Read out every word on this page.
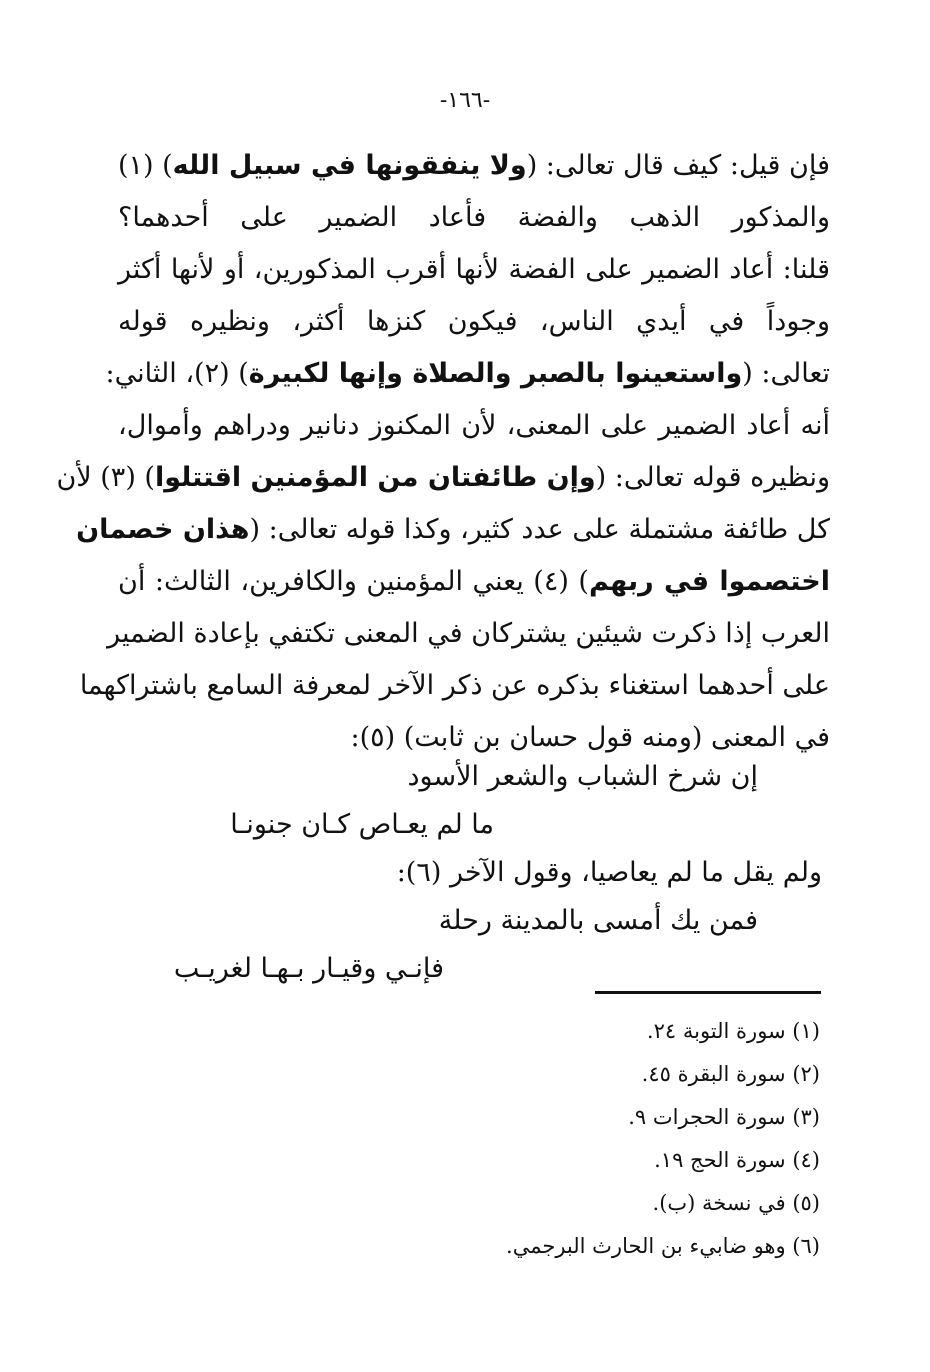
-١٦٦-
فإن قيل: كيف قال تعالى: (ولا ينفقونها في سبيل الله) (١)
والمذكور الذهب والفضة فأعاد الضمير على أحدهما؟
قلنا: أعاد الضمير على الفضة لأنها أقرب المذكورين، أو لأنها أكثر
وجوداً في أيدي الناس، فيكون كنزها أكثر، ونظيره قوله
تعالى: (واستعينوا بالصبر والصلاة وإنها لكبيرة) (٢)، الثاني:
أنه أعاد الضمير على المعنى، لأن المكنوز دنانير ودراهم وأموال،
ونظيره قوله تعالى: (وإن طائفتان من المؤمنين اقتتلوا) (٣) لأن
كل طائفة مشتملة على عدد كثير، وكذا قوله تعالى: (هذان خصمان
اختصموا في ربهم) (٤) يعني المؤمنين والكافرين، الثالث: أن
العرب إذا ذكرت شيئين يشتركان في المعنى تكتفي بإعادة الضمير
على أحدهما استغناء بذكره عن ذكر الآخر لمعرفة السامع باشتراكهما
في المعنى (ومنه قول حسان بن ثابت) (٥):
إن شرخ الشباب والشعر الأسود
ما لم يعـاص كـان جنونـا
ولم يقل ما لم يعاصيا، وقول الآخر (٦):
فمن يك أمسى بالمدينة رحلة
فإنـي وقيـار بـهـا لغريـب
(١) سورة التوبة ٢٤.
(٢) سورة البقرة ٤٥.
(٣) سورة الحجرات ٩.
(٤) سورة الحج ١٩.
(٥) في نسخة (ب).
(٦) وهو ضابيء بن الحارث البرجمي.
